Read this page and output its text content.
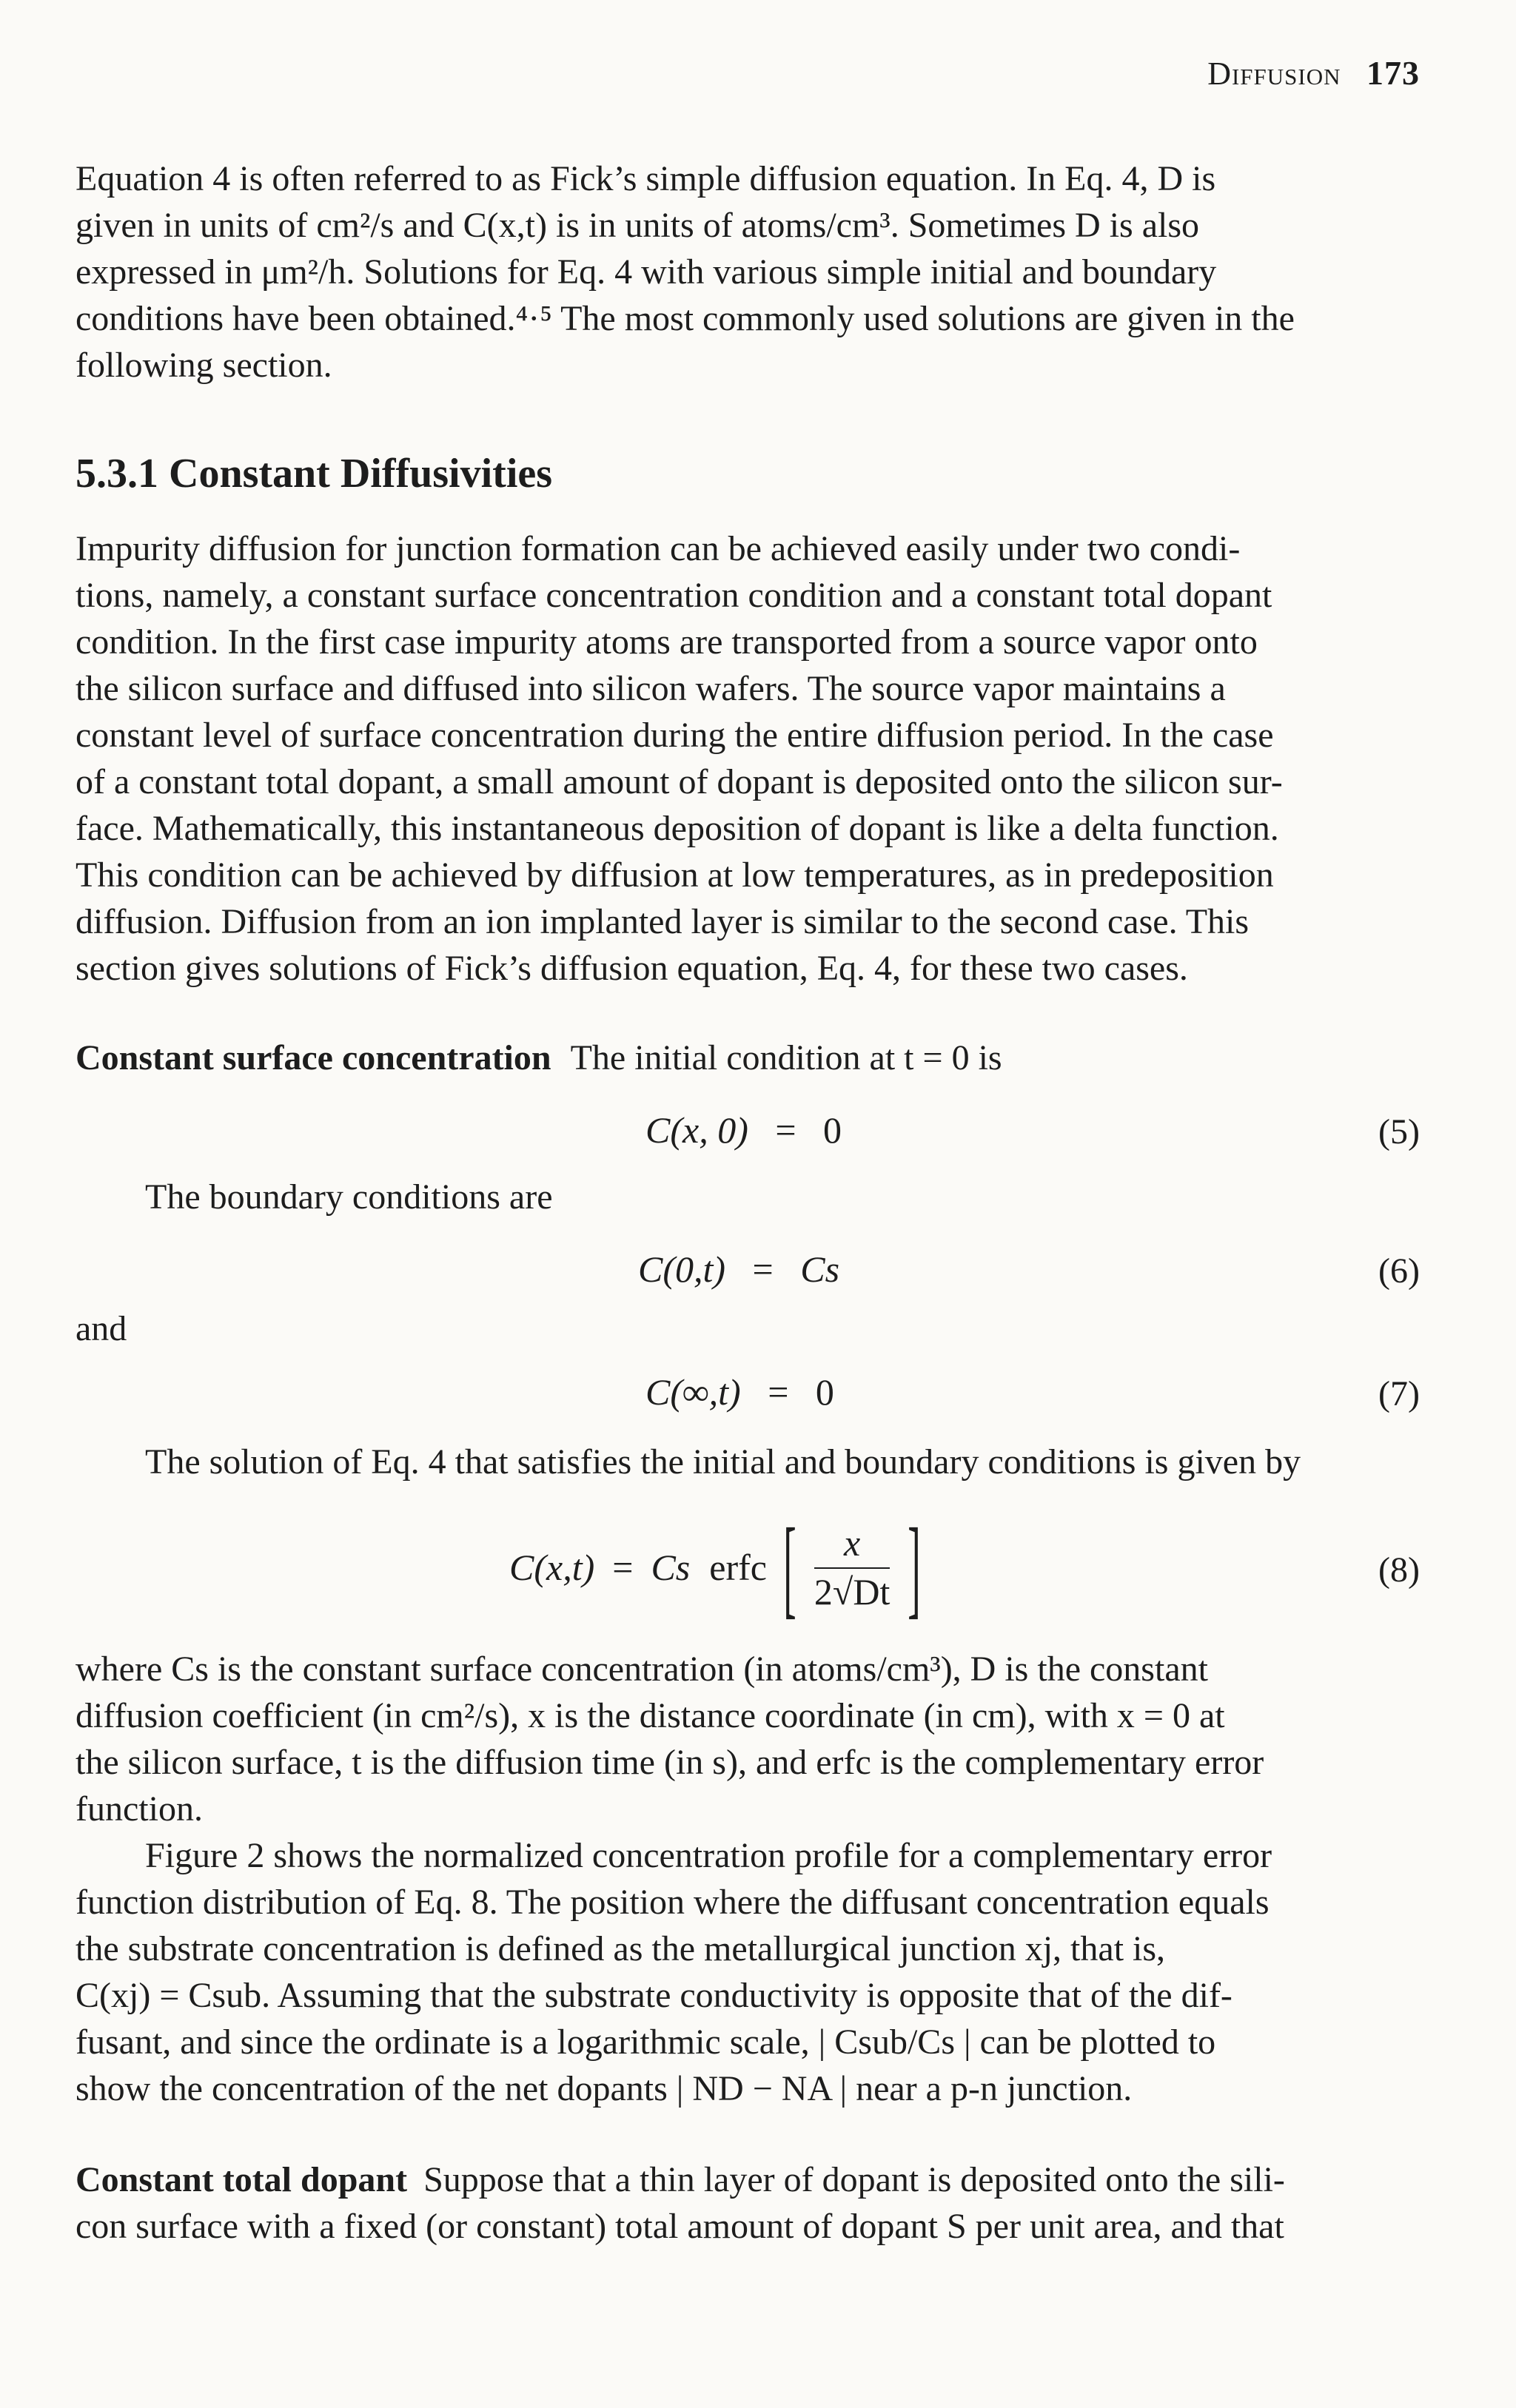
Diffusion 173

Equation 4 is often referred to as Fick’s simple diffusion equation. In Eq. 4, D is

given in units of cm²/s and C(x,t) is in units of atoms/cm³. Sometimes D is also

expressed in μm²/h. Solutions for Eq. 4 with various simple initial and boundary

conditions have been obtained.⁴·⁵ The most commonly used solutions are given in the

following section.

5.3.1 Constant Diffusivities

Impurity diffusion for junction formation can be achieved easily under two condi-

tions, namely, a constant surface concentration condition and a constant total dopant

condition. In the first case impurity atoms are transported from a source vapor onto

the silicon surface and diffused into silicon wafers. The source vapor maintains a

constant level of surface concentration during the entire diffusion period. In the case

of a constant total dopant, a small amount of dopant is deposited onto the silicon sur-

face. Mathematically, this instantaneous deposition of dopant is like a delta function.

This condition can be achieved by diffusion at low temperatures, as in predeposition

diffusion. Diffusion from an ion implanted layer is similar to the second case. This

section gives solutions of Fick’s diffusion equation, Eq. 4, for these two cases.

Constant surface concentration The initial condition at t = 0 is
C(x, 0) = 0	(5)
The boundary conditions are
C(0,t) = Cs	(6)
and
C(∞,t) = 0	(7)
The solution of Eq. 4 that satisfies the initial and boundary conditions is given by
C(x,t) = Cs erfc [ $\frac{x}{2√Dt}$ ]	(8)

where Cs is the constant surface concentration (in atoms/cm³), D is the constant

diffusion coefficient (in cm²/s), x is the distance coordinate (in cm), with x = 0 at

the silicon surface, t is the diffusion time (in s), and erfc is the complementary error

function.

Figure 2 shows the normalized concentration profile for a complementary error

function distribution of Eq. 8. The position where the diffusant concentration equals

the substrate concentration is defined as the metallurgical junction xj, that is,

C(xj) = Csub. Assuming that the substrate conductivity is opposite that of the dif-

fusant, and since the ordinate is a logarithmic scale, | Csub/Cs | can be plotted to

show the concentration of the net dopants | ND − NA | near a p-n junction.

Constant total dopant Suppose that a thin layer of dopant is deposited onto the sili-

con surface with a fixed (or constant) total amount of dopant S per unit area, and that
